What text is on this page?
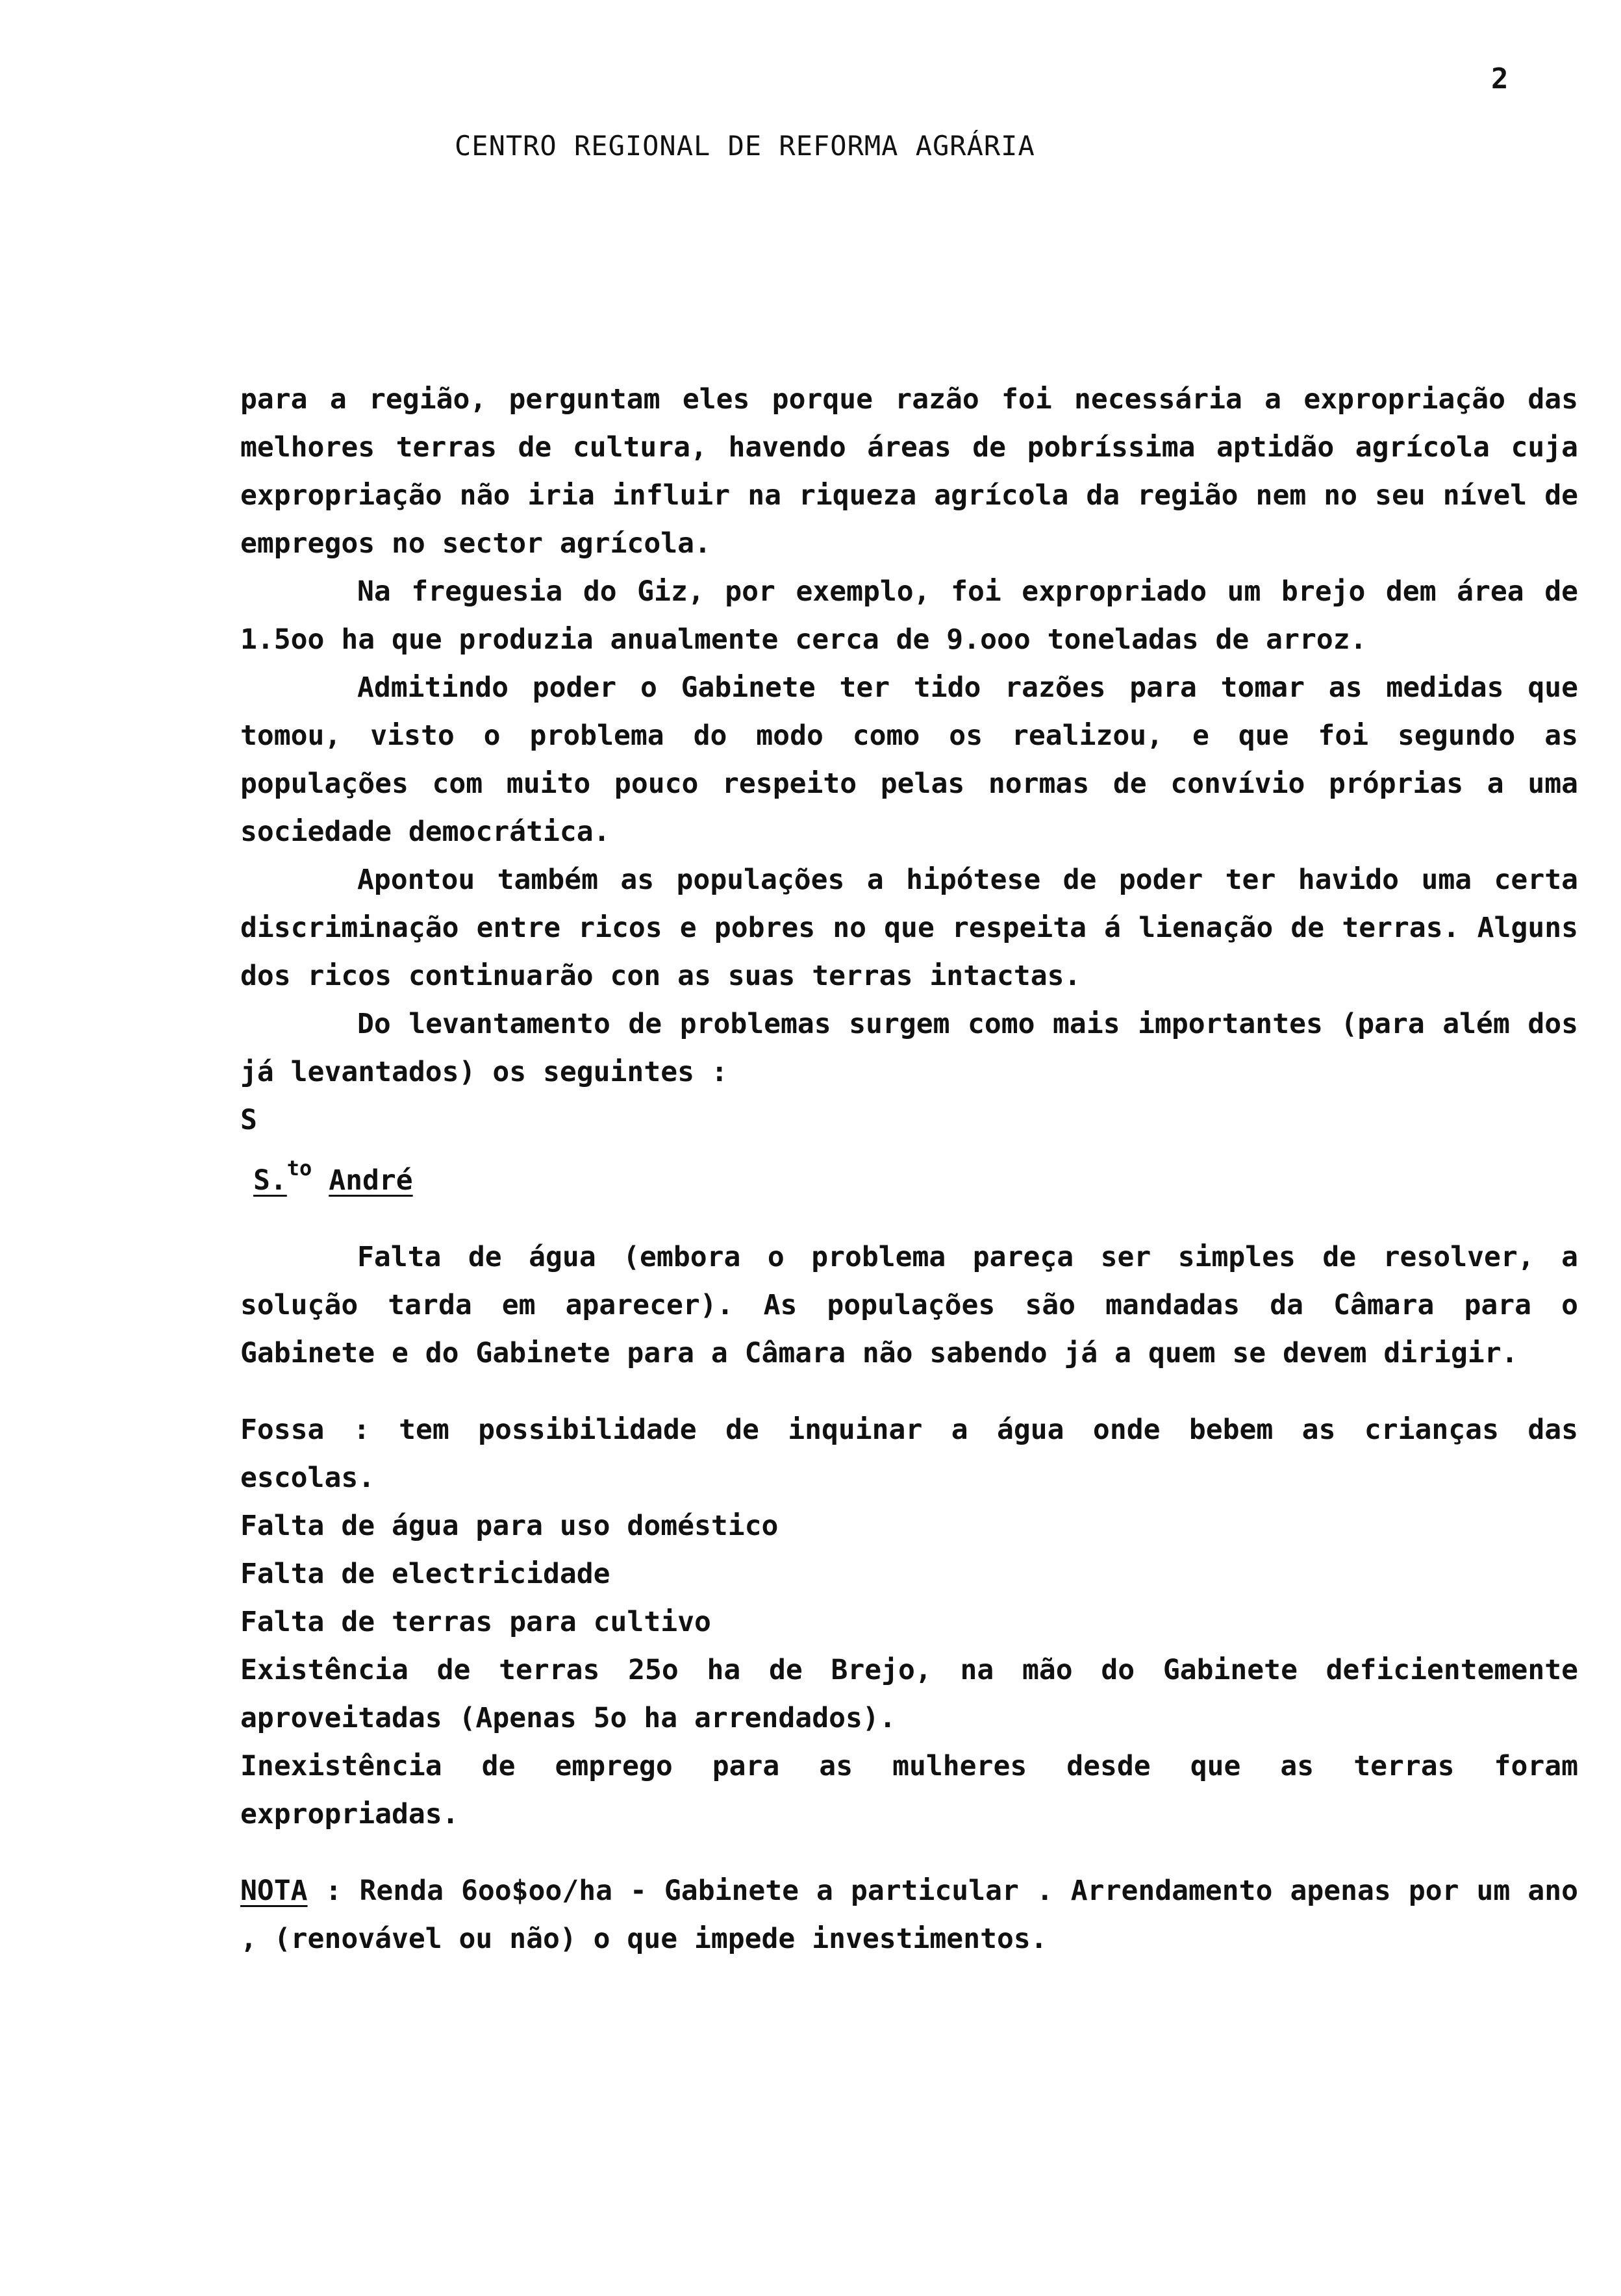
2
CENTRO REGIONAL DE REFORMA AGRÁRIA

para a região, perguntam eles porque razão foi necessária a expropriação das melhores terras de cultura, havendo áreas de pobríssima aptidão agrícola cuja expropriação não iria influir na riqueza agrícola da região nem no seu nível de empregos no sector agrícola.

Na freguesia do Giz, por exemplo, foi expropriado um brejo dem área de 1.5oo ha que produzia anualmente cerca de 9.ooo toneladas de arroz.

Admitindo poder o Gabinete ter tido razões para tomar as medidas que tomou, visto o problema do modo como os realizou, e que foi segundo as populações com muito pouco respeito pelas normas de convívio próprias a uma sociedade democrática.

Apontou também as populações a hipótese de poder ter havido uma certa discriminação entre ricos e pobres no que respeita á lienação de terras. Alguns dos ricos continuarão con as suas terras intactas.

Do levantamento de problemas surgem como mais importantes (para além dos já levantados) os seguintes :

S

S.$^{to}$ André

Falta de água (embora o problema pareça ser simples de resolver, a solução tarda em aparecer). As populações são mandadas da Câmara para o Gabinete e do Gabinete para a Câmara não sabendo já a quem se devem dirigir.

Fossa : tem possibilidade de inquinar a água onde bebem as crianças das escolas.

Falta de água para uso doméstico

Falta de electricidade

Falta de terras para cultivo

Existência de terras 25o ha de Brejo, na mão do Gabinete deficientemente aproveitadas (Apenas 5o ha arrendados).

Inexistência de emprego para as mulheres desde que as terras foram expropriadas.

NOTA : Renda 6oo$oo/ha - Gabinete a particular . Arrendamento apenas por um ano , (renovável ou não) o que impede investimentos.
